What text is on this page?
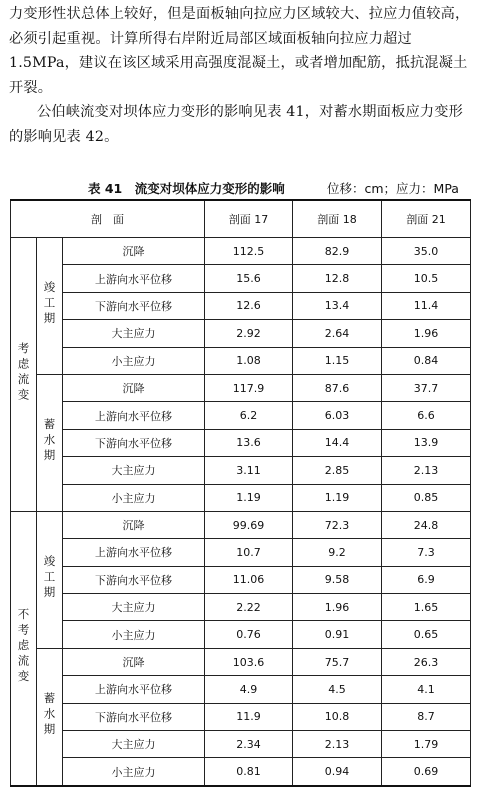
力变形性状总体上较好，但是面板轴向拉应力区域较大、拉应力值较高，必须引起重视。计算所得右岸附近局部区域面板轴向拉应力超过 1.5MPa，建议在该区域采用高强度混凝土，或者增加配筋，抵抗混凝土开裂。

公伯峡流变对坝体应力变形的影响见表 41，对蓄水期面板应力变形的影响见表 42。

表 41　流变对坝体应力变形的影响	位移：cm；应力：MPa
剖　面			剖面 17	剖面 18	剖面 21
考虑流变	竣工期	沉降	112.5	82.9	35.0
		上游向水平位移	15.6	12.8	10.5
		下游向水平位移	12.6	13.4	11.4
		大主应力	2.92	2.64	1.96
		小主应力	1.08	1.15	0.84
	蓄水期	沉降	117.9	87.6	37.7
		上游向水平位移	6.2	6.03	6.6
		下游向水平位移	13.6	14.4	13.9
		大主应力	3.11	2.85	2.13
		小主应力	1.19	1.19	0.85
不考虑流变	竣工期	沉降	99.69	72.3	24.8
		上游向水平位移	10.7	9.2	7.3
		下游向水平位移	11.06	9.58	6.9
		大主应力	2.22	1.96	1.65
		小主应力	0.76	0.91	0.65
	蓄水期	沉降	103.6	75.7	26.3
		上游向水平位移	4.9	4.5	4.1
		下游向水平位移	11.9	10.8	8.7
		大主应力	2.34	2.13	1.79
		小主应力	0.81	0.94	0.69
